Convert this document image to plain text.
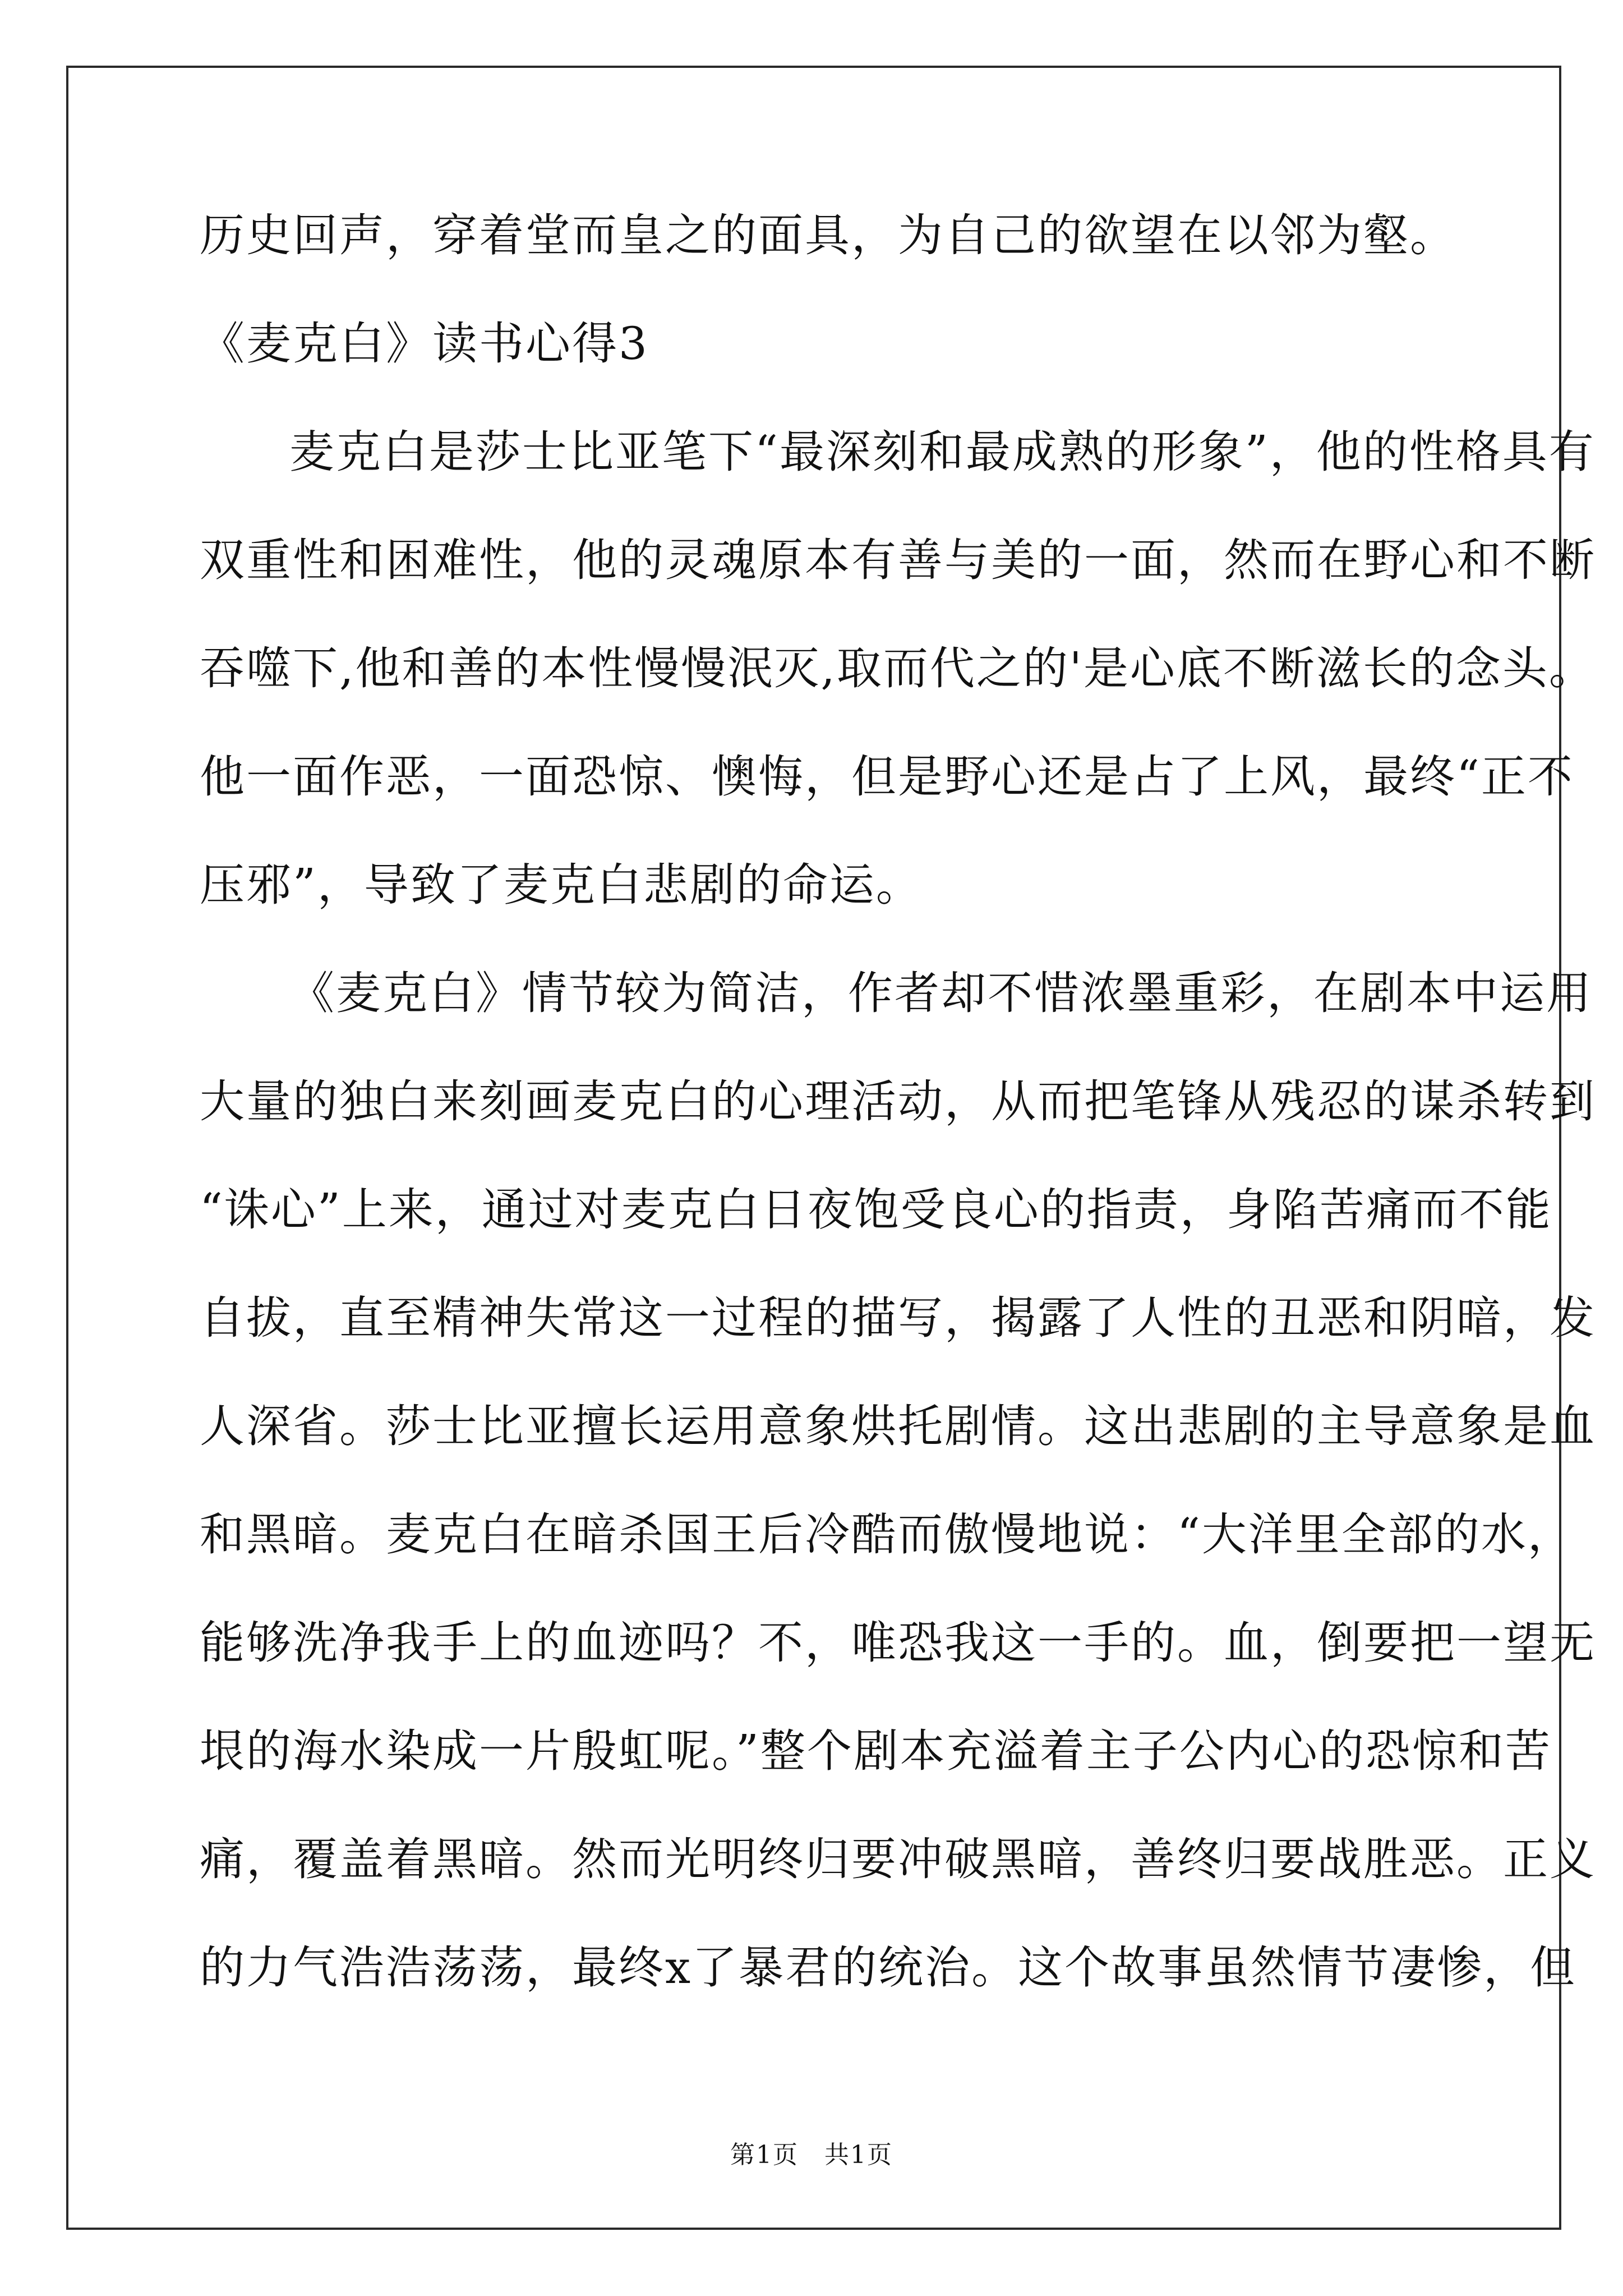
历史回声，穿着堂而皇之的面具，为自己的欲望在以邻为壑。
《麦克白》读书心得3
麦克白是莎士比亚笔下“最深刻和最成熟的形象”，他的性格具有
双重性和困难性，他的灵魂原本有善与美的一面，然而在野心和不断
吞噬下,他和善的本性慢慢泯灭,取而代之的'是心底不断滋长的念头。
他一面作恶，一面恐惊、懊悔，但是野心还是占了上风，最终“正不
压邪”，导致了麦克白悲剧的命运。
《麦克白》情节较为简洁，作者却不惜浓墨重彩，在剧本中运用
大量的独白来刻画麦克白的心理活动，从而把笔锋从残忍的谋杀转到
“诛心”上来，通过对麦克白日夜饱受良心的指责，身陷苦痛而不能
自拔，直至精神失常这一过程的描写，揭露了人性的丑恶和阴暗，发
人深省。莎士比亚擅长运用意象烘托剧情。这出悲剧的主导意象是血
和黑暗。麦克白在暗杀国王后冷酷而傲慢地说：“大洋里全部的水，
能够洗净我手上的血迹吗？不，唯恐我这一手的。血，倒要把一望无
垠的海水染成一片殷虹呢。”整个剧本充溢着主子公内心的恐惊和苦
痛，覆盖着黑暗。然而光明终归要冲破黑暗，善终归要战胜恶。正义
的力气浩浩荡荡，最终x了暴君的统治。这个故事虽然情节凄惨，但
第1页　共1页
